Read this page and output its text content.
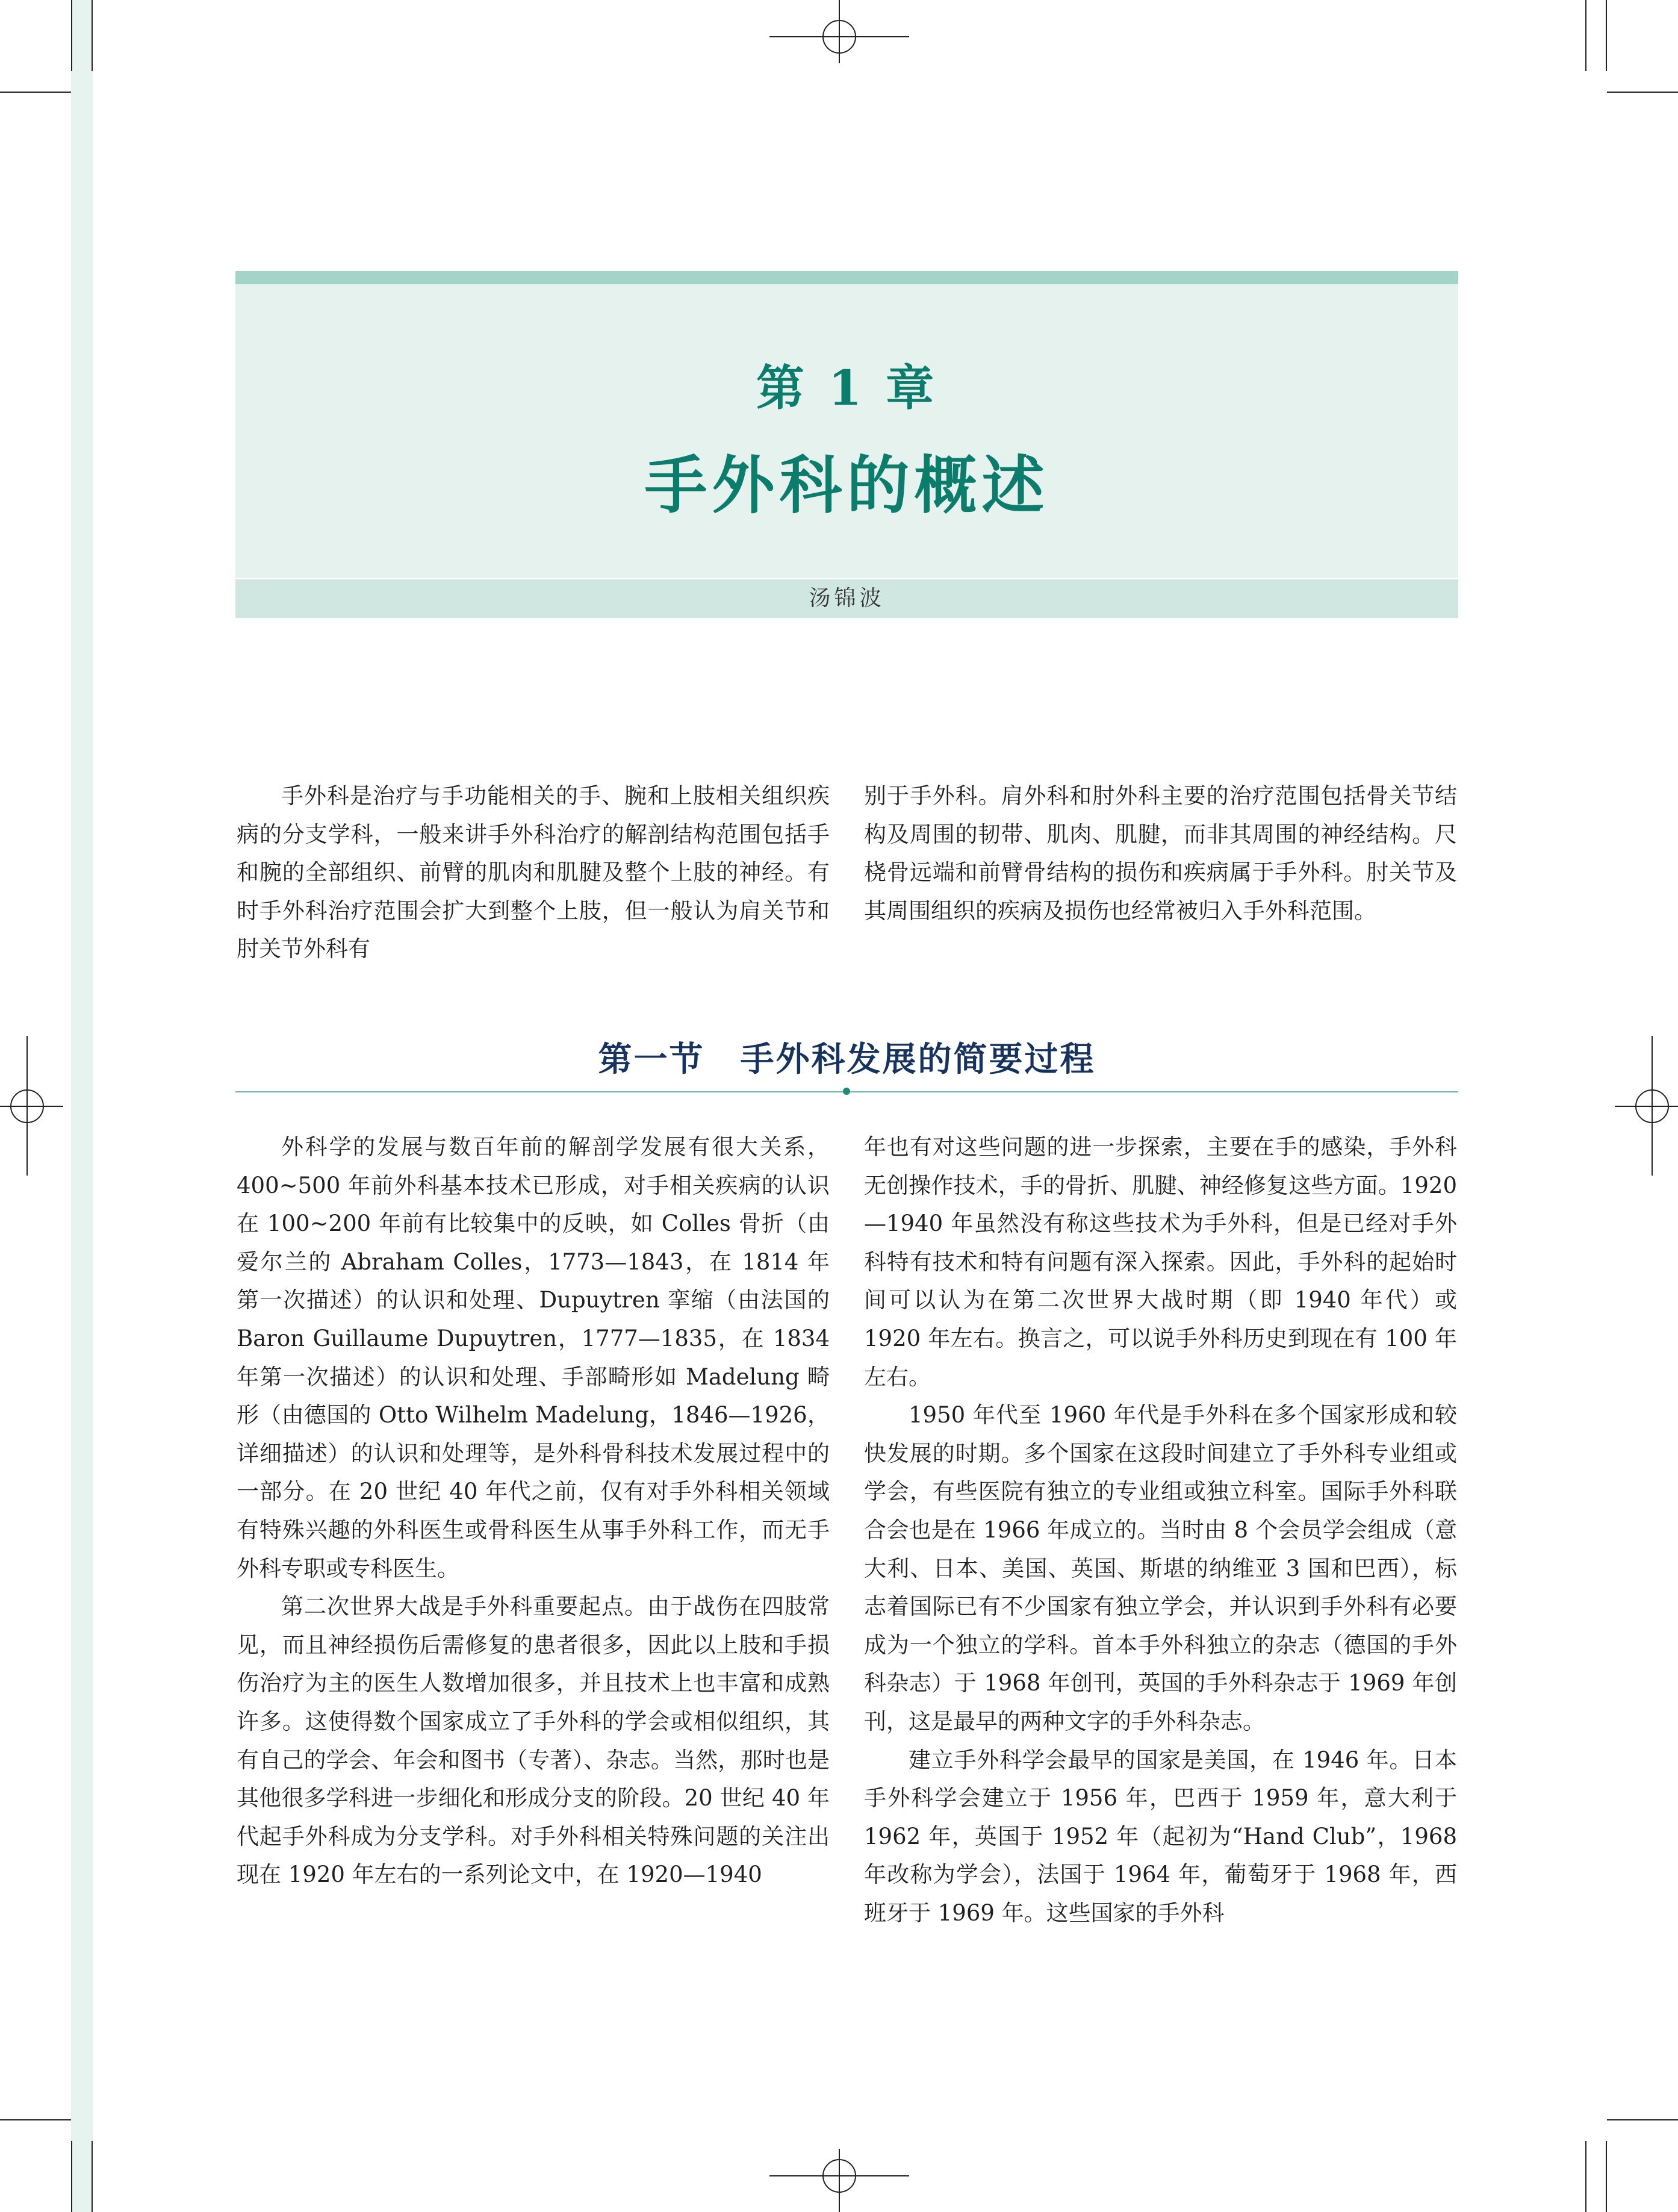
第 1 章
手外科的概述
汤锦波

手外科是治疗与手功能相关的手、腕和上肢相关组织疾病的分支学科，一般来讲手外科治疗的解剖结构范围包括手和腕的全部组织、前臂的肌肉和肌腱及整个上肢的神经。有时手外科治疗范围会扩大到整个上肢，但一般认为肩关节和肘关节外科有

别于手外科。肩外科和肘外科主要的治疗范围包括骨关节结构及周围的韧带、肌肉、肌腱，而非其周围的神经结构。尺桡骨远端和前臂骨结构的损伤和疾病属于手外科。肘关节及其周围组织的疾病及损伤也经常被归入手外科范围。

第一节　手外科发展的简要过程

外科学的发展与数百年前的解剖学发展有很大关系，400~500 年前外科基本技术已形成，对手相关疾病的认识在 100~200 年前有比较集中的反映，如 Colles 骨折（由爱尔兰的 Abraham Colles，1773—1843，在 1814 年第一次描述）的认识和处理、Dupuytren 挛缩（由法国的 Baron Guillaume Dupuytren，1777—1835，在 1834 年第一次描述）的认识和处理、手部畸形如 Madelung 畸形（由德国的 Otto Wilhelm Madelung，1846—1926，详细描述）的认识和处理等，是外科骨科技术发展过程中的一部分。在 20 世纪 40 年代之前，仅有对手外科相关领域有特殊兴趣的外科医生或骨科医生从事手外科工作，而无手外科专职或专科医生。

第二次世界大战是手外科重要起点。由于战伤在四肢常见，而且神经损伤后需修复的患者很多，因此以上肢和手损伤治疗为主的医生人数增加很多，并且技术上也丰富和成熟许多。这使得数个国家成立了手外科的学会或相似组织，其有自己的学会、年会和图书（专著）、杂志。当然，那时也是其他很多学科进一步细化和形成分支的阶段。20 世纪 40 年代起手外科成为分支学科。对手外科相关特殊问题的关注出现在 1920 年左右的一系列论文中，在 1920—1940

年也有对这些问题的进一步探索，主要在手的感染，手外科无创操作技术，手的骨折、肌腱、神经修复这些方面。1920—1940 年虽然没有称这些技术为手外科，但是已经对手外科特有技术和特有问题有深入探索。因此，手外科的起始时间可以认为在第二次世界大战时期（即 1940 年代）或 1920 年左右。换言之，可以说手外科历史到现在有 100 年左右。

1950 年代至 1960 年代是手外科在多个国家形成和较快发展的时期。多个国家在这段时间建立了手外科专业组或学会，有些医院有独立的专业组或独立科室。国际手外科联合会也是在 1966 年成立的。当时由 8 个会员学会组成（意大利、日本、美国、英国、斯堪的纳维亚 3 国和巴西），标志着国际已有不少国家有独立学会，并认识到手外科有必要成为一个独立的学科。首本手外科独立的杂志（德国的手外科杂志）于 1968 年创刊，英国的手外科杂志于 1969 年创刊，这是最早的两种文字的手外科杂志。

建立手外科学会最早的国家是美国，在 1946 年。日本手外科学会建立于 1956 年，巴西于 1959 年，意大利于 1962 年，英国于 1952 年（起初为“Hand Club”，1968 年改称为学会），法国于 1964 年，葡萄牙于 1968 年，西班牙于 1969 年。这些国家的手外科
